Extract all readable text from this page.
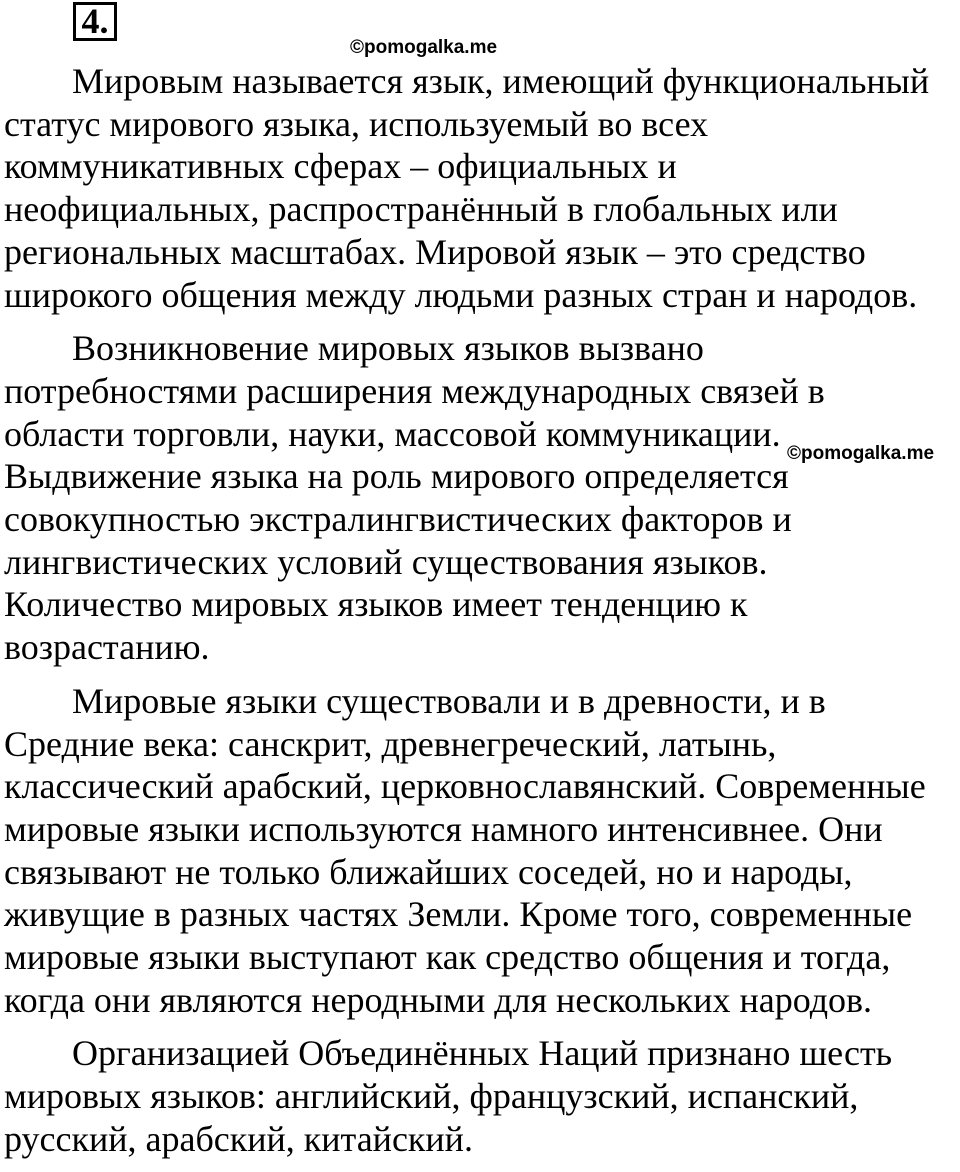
4.
©pomogalka.me
Мировым называется язык, имеющий функциональный
статус мирового языка, используемый во всех
коммуникативных сферах – официальных и
неофициальных, распространённый в глобальных или
региональных масштабах. Мировой язык – это средство
широкого общения между людьми разных стран и народов.
Возникновение мировых языков вызвано
потребностями расширения международных связей в
области торговли, науки, массовой коммуникации.
Выдвижение языка на роль мирового определяется
совокупностью экстралингвистических факторов и
лингвистических условий существования языков.
Количество мировых языков имеет тенденцию к
возрастанию.
Мировые языки существовали и в древности, и в
Средние века: санскрит, древнегреческий, латынь,
классический арабский, церковнославянский. Современные
мировые языки используются намного интенсивнее. Они
связывают не только ближайших соседей, но и народы,
живущие в разных частях Земли. Кроме того, современные
мировые языки выступают как средство общения и тогда,
когда они являются неродными для нескольких народов.
Организацией Объединённых Наций признано шесть
мировых языков: английский, французский, испанский,
русский, арабский, китайский.
©pomogalka.me
